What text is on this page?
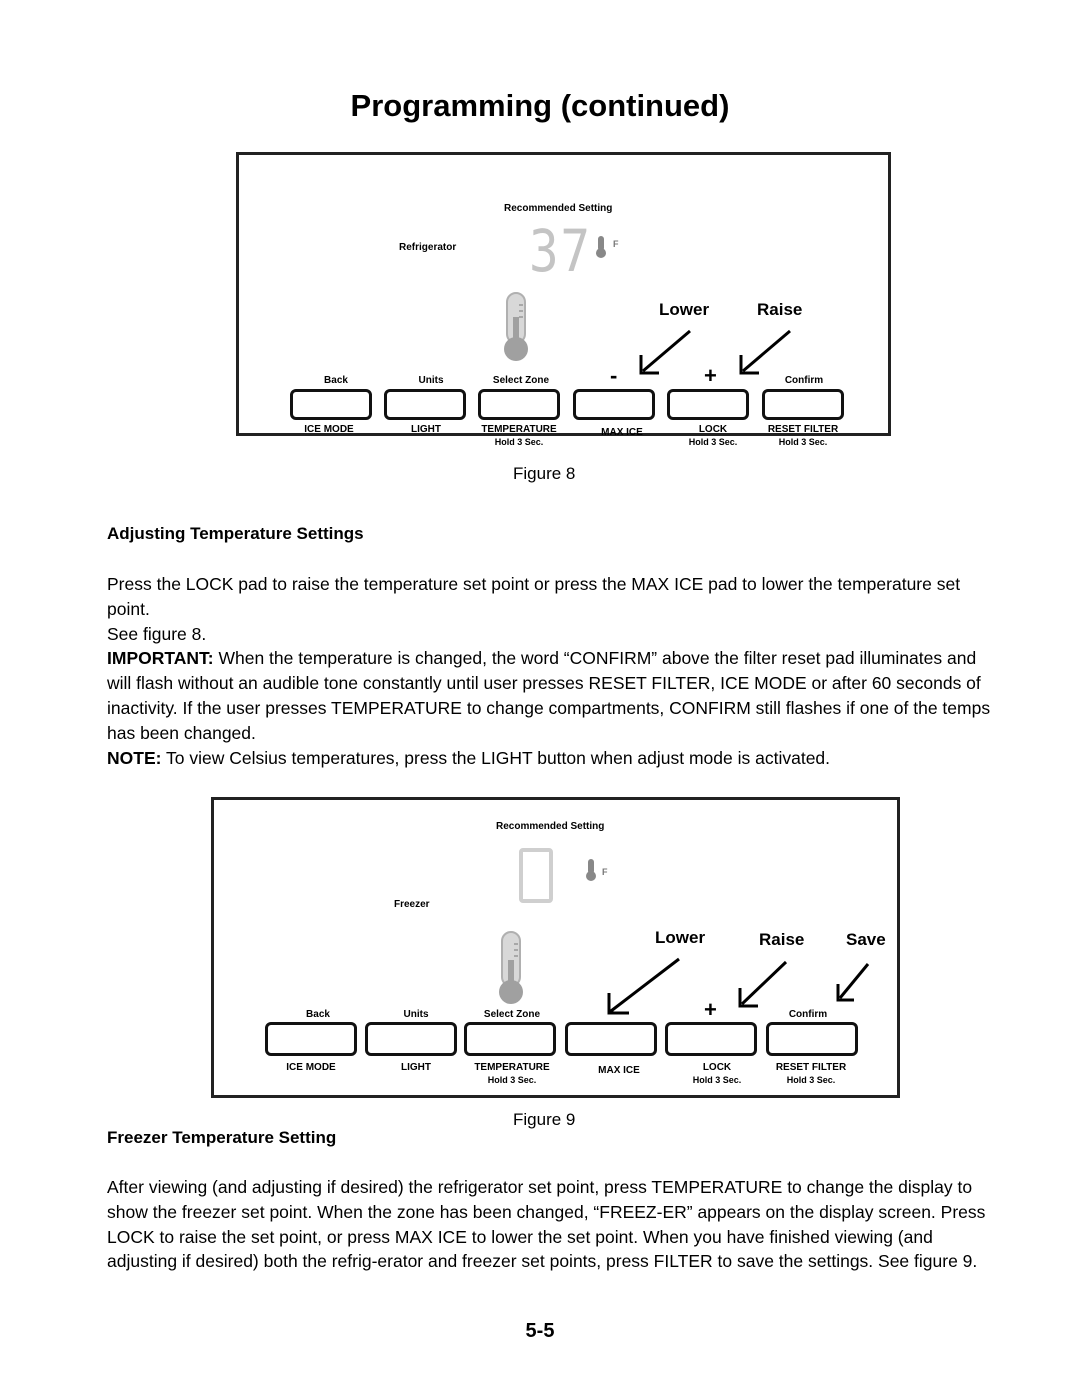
Programming (continued)
Recommended Setting
Refrigerator 37 F
Lower	Raise
Back	Units	Select Zone	-	+	Confirm
ICE MODE	LIGHT	TEMPERATURE
Hold 3 Sec.
MAX ICE	LOCK
Hold 3 Sec.
RESET FILTER
Hold 3 Sec.
Figure 8
Adjusting Temperature Settings

Press the LOCK pad to raise the temperature set point or press the MAX ICE pad to lower the temperature set point.

See figure 8.

IMPORTANT: When the temperature is changed, the word “CONFIRM” above the filter reset pad illuminates and will flash without an audible tone constantly until user presses RESET FILTER, ICE MODE or after 60 seconds of inactivity. If the user presses TEMPERATURE to change compartments, CONFIRM still flashes if one of the temps has been changed.

NOTE: To view Celsius temperatures, press the LIGHT button when adjust mode is activated.

Recommended Setting
F
Freezer
Lower	Raise Save
Back	Units	Select Zone	-	+	Confirm
ICE MODE	LIGHT	TEMPERATURE
Hold 3 Sec.
MAX ICE	LOCK
Hold 3 Sec.
RESET FILTER
Hold 3 Sec.
Figure 9
Freezer Temperature Setting

After viewing (and adjusting if desired) the refrigerator set point, press TEMPERATURE to change the display to show the freezer set point. When the zone has been changed, “FREEZ-ER” appears on the display screen. Press LOCK to raise the set point, or press MAX ICE to lower the set point. When you have finished viewing (and adjusting if desired) both the refrig-erator and freezer set points, press FILTER to save the settings. See figure 9.

5-5
